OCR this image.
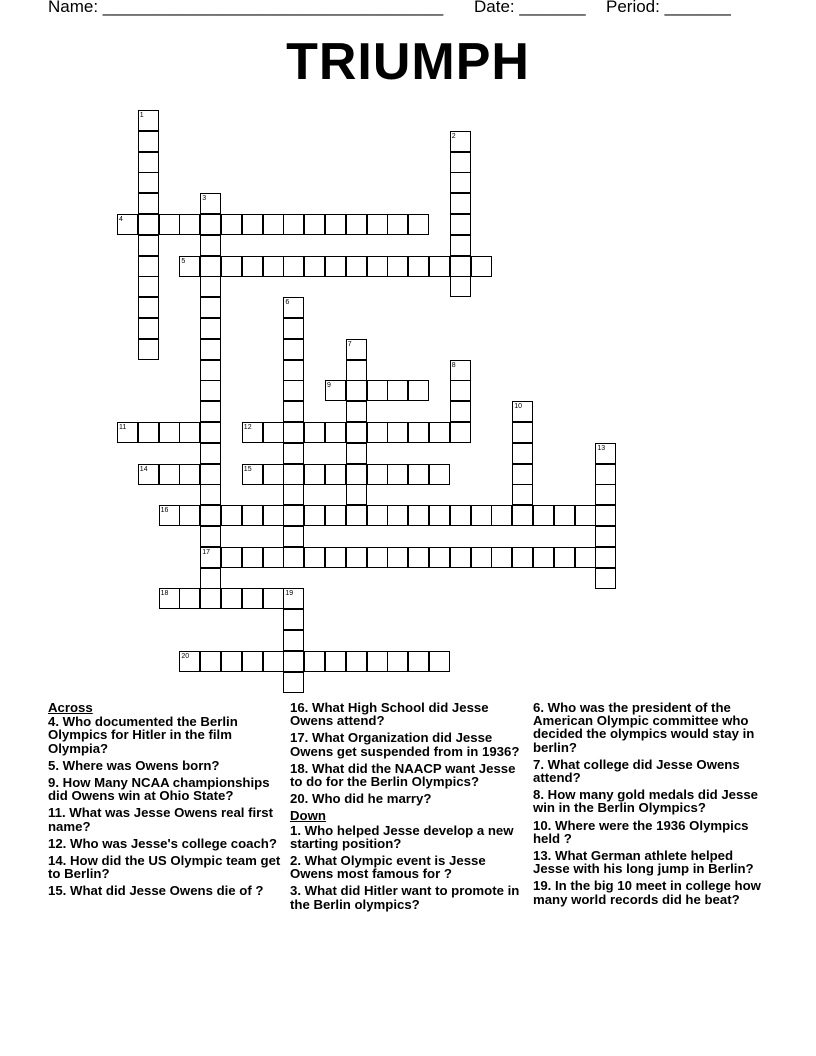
Name: ____________________________________ Date: _______ Period: _______
TRIUMPH
4
5
9
11	12
14	15
16
17
18	19
20
1
2
3
6
7
8
10
13
Across
4. Who documented the Berlin Olympics for Hitler in the film Olympia?
5. Where was Owens born?
9. How Many NCAA championships did Owens win at Ohio State?
11. What was Jesse Owens real first name?
12. Who was Jesse's college coach?
14. How did the US Olympic team get to Berlin?
15. What did Jesse Owens die of ?
16. What High School did Jesse Owens attend?
17. What Organization did Jesse Owens get suspended from in 1936?
18. What did the NAACP want Jesse to do for the Berlin Olympics?
20. Who did he marry?
Down
1. Who helped Jesse develop a new starting position?
2. What Olympic event is Jesse Owens most famous for ?
3. What did Hitler want to promote in the Berlin olympics?
6. Who was the president of the American Olympic committee who decided the olympics would stay in berlin?
7. What college did Jesse Owens attend?
8. How many gold medals did Jesse win in the Berlin Olympics?
10. Where were the 1936 Olympics held ?
13. What German athlete helped Jesse with his long jump in Berlin?
19. In the big 10 meet in college how many world records did he beat?
